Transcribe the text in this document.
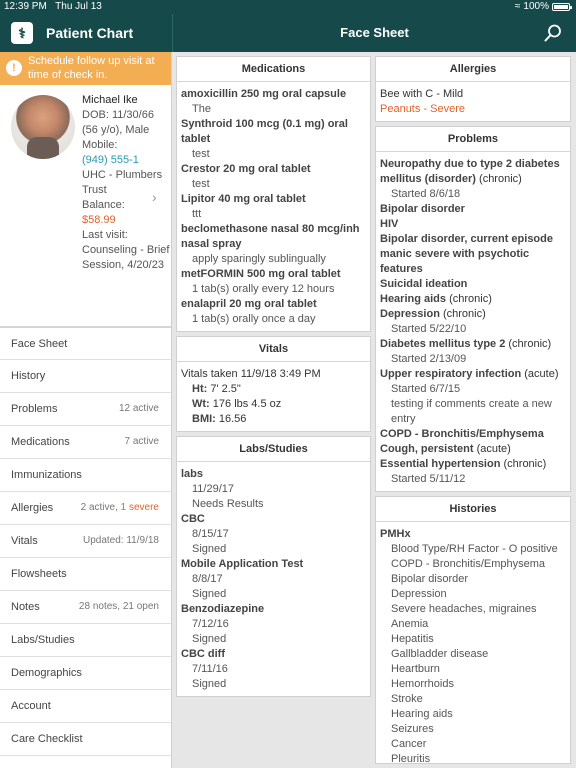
12:39 PM Thu Jul 13	≈ 100%
⚕	Patient Chart	Face Sheet
!
Schedule follow up visit at time of check in.
Michael Ike
DOB: 11/30/66 (56 y/o), Male
Mobile: (949) 555-1
UHC - Plumbers Trust
Balance:
$58.99
Last visit:
Counseling - Brief Session, 4/20/23
›
Face Sheet
History
Problems	12 active
Medications	7 active
Immunizations
Allergies	2 active, 1 severe
Vitals	Updated: 11/9/18
Flowsheets
Notes	28 notes, 21 open
Labs/Studies
Demographics
Account
Care Checklist
Medications
amoxicillin 250 mg oral capsule
The
Synthroid 100 mcg (0.1 mg) oral tablet
test
Crestor 20 mg oral tablet
test
Lipitor 40 mg oral tablet
ttt
beclomethasone nasal 80 mcg/inh nasal spray
apply sparingly sublingually
metFORMIN 500 mg oral tablet
1 tab(s) orally every 12 hours
enalapril 20 mg oral tablet
1 tab(s) orally once a day
Vitals
Vitals taken 11/9/18 3:49 PM
Ht: 7' 2.5"
Wt: 176 lbs 4.5 oz
BMI: 16.56
Labs/Studies
labs
11/29/17
Needs Results
CBC
8/15/17
Signed
Mobile Application Test
8/8/17
Signed
Benzodiazepine
7/12/16
Signed
CBC diff
7/11/16
Signed
Allergies
Bee with C - Mild
Peanuts - Severe
Problems
Neuropathy due to type 2 diabetes mellitus (disorder) (chronic)
Started 8/6/18
Bipolar disorder
HIV
Bipolar disorder, current episode manic severe with psychotic features
Suicidal ideation
Hearing aids (chronic)
Depression (chronic)
Started 5/22/10
Diabetes mellitus type 2 (chronic)
Started 2/13/09
Upper respiratory infection (acute)
Started 6/7/15
testing if comments create a new entry
COPD - Bronchitis/Emphysema
Cough, persistent (acute)
Essential hypertension (chronic)
Started 5/11/12
Histories
PMHx
Blood Type/RH Factor - O positive
COPD - Bronchitis/Emphysema
Bipolar disorder
Depression
Severe headaches, migraines
Anemia
Hepatitis
Gallbladder disease
Heartburn
Hemorrhoids
Stroke
Hearing aids
Seizures
Cancer
Pleuritis
